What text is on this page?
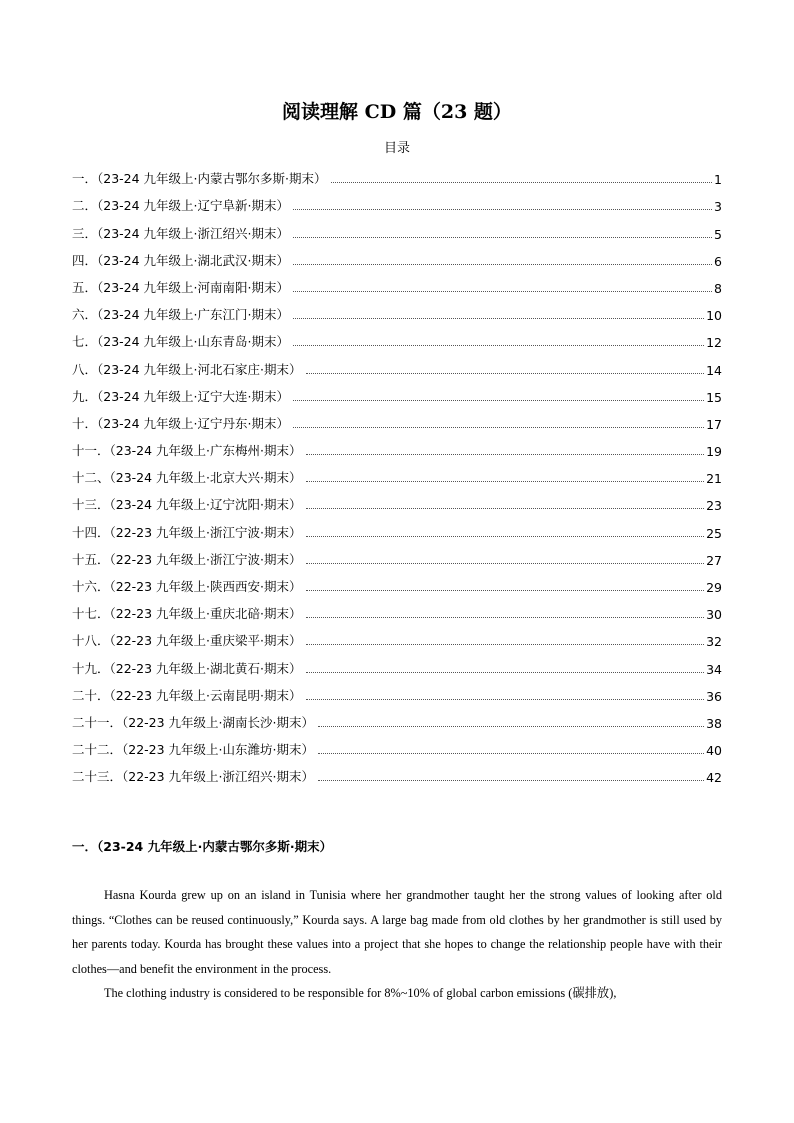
阅读理解 CD 篇（23 题）
目录
一．（23-24 九年级上·内蒙古鄂尔多斯·期末）	1
二．（23-24 九年级上·辽宁阜新·期末）	3
三．（23-24 九年级上·浙江绍兴·期末）	5
四．（23-24 九年级上·湖北武汉·期末）	6
五．（23-24 九年级上·河南南阳·期末）	8
六．（23-24 九年级上·广东江门·期末）	10
七．（23-24 九年级上·山东青岛·期末）	12
八．（23-24 九年级上·河北石家庄·期末）	14
九．（23-24 九年级上·辽宁大连·期末）	15
十．（23-24 九年级上·辽宁丹东·期末）	17
十一．（23-24 九年级上·广东梅州·期末）	19
十二、（23-24 九年级上·北京大兴·期末）	21
十三．（23-24 九年级上·辽宁沈阳·期末）	23
十四．（22-23 九年级上·浙江宁波·期末）	25
十五．（22-23 九年级上·浙江宁波·期末）	27
十六．（22-23 九年级上·陕西西安·期末）	29
十七．（22-23 九年级上·重庆北碚·期末）	30
十八．（22-23 九年级上·重庆梁平·期末）	32
十九．（22-23 九年级上·湖北黄石·期末）	34
二十．（22-23 九年级上·云南昆明·期末）	36
二十一．（22-23 九年级上·湖南长沙·期末）	38
二十二．（22-23 九年级上·山东潍坊·期末）	40
二十三．（22-23 九年级上·浙江绍兴·期末）	42
一．（23-24 九年级上·内蒙古鄂尔多斯·期末）

Hasna Kourda grew up on an island in Tunisia where her grandmother taught her the strong values of looking after old things. “Clothes can be reused continuously,” Kourda says. A large bag made from old clothes by her grandmother is still used by her parents today. Kourda has brought these values into a project that she hopes to change the relationship people have with their clothes—and benefit the environment in the process.

The clothing industry is considered to be responsible for 8%~10% of global carbon emissions (碳排放),
